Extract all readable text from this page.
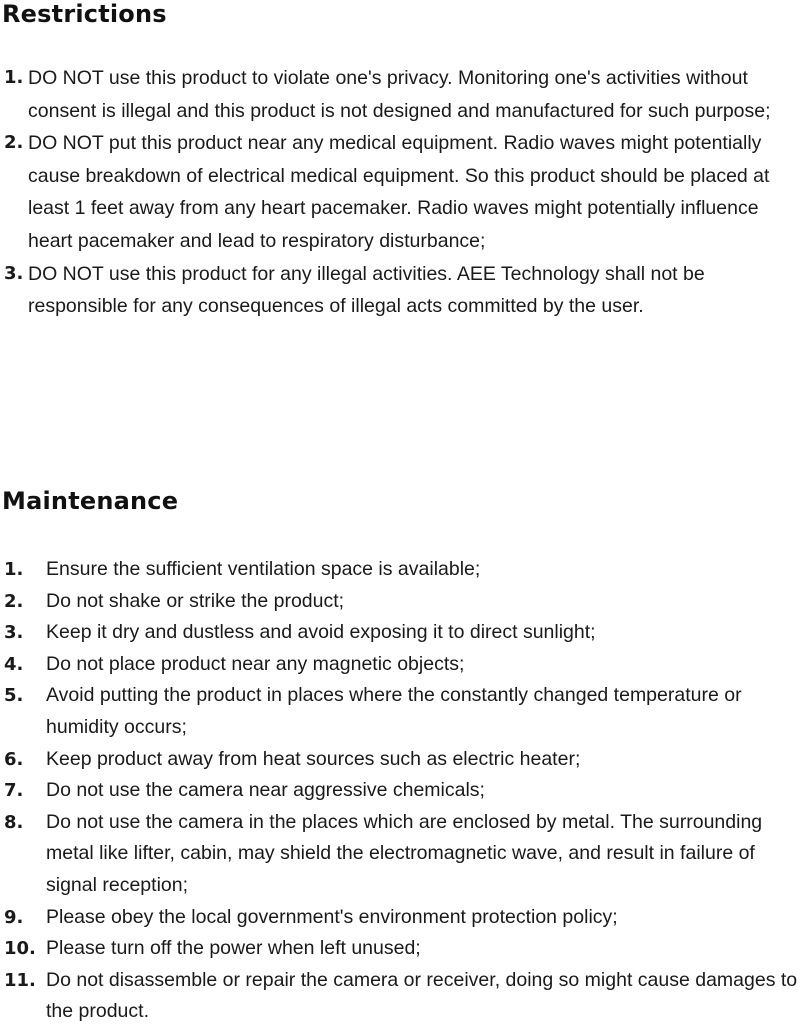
Restrictions
1. DO NOT use this product to violate one's privacy. Monitoring one's activities without consent is illegal and this product is not designed and manufactured for such purpose;
2. DO NOT put this product near any medical equipment. Radio waves might potentially cause breakdown of electrical medical equipment. So this product should be placed at least 1 feet away from any heart pacemaker. Radio waves might potentially influence heart pacemaker and lead to respiratory disturbance;
3. DO NOT use this product for any illegal activities. AEE Technology shall not be responsible for any consequences of illegal acts committed by the user.
Maintenance
1.	Ensure the sufficient ventilation space is available;
2.	Do not shake or strike the product;
3.	Keep it dry and dustless and avoid exposing it to direct sunlight;
4.	Do not place product near any magnetic objects;
5.	Avoid putting the product in places where the constantly changed temperature or humidity occurs;
6.	Keep product away from heat sources such as electric heater;
7.	Do not use the camera near aggressive chemicals;
8.	Do not use the camera in the places which are enclosed by metal. The surrounding metal like lifter, cabin, may shield the electromagnetic wave, and result in failure of signal reception;
9.	Please obey the local government's environment protection policy;
10. Please turn off the power when left unused;
11. Do not disassemble or repair the camera or receiver, doing so might cause damages to the product.
